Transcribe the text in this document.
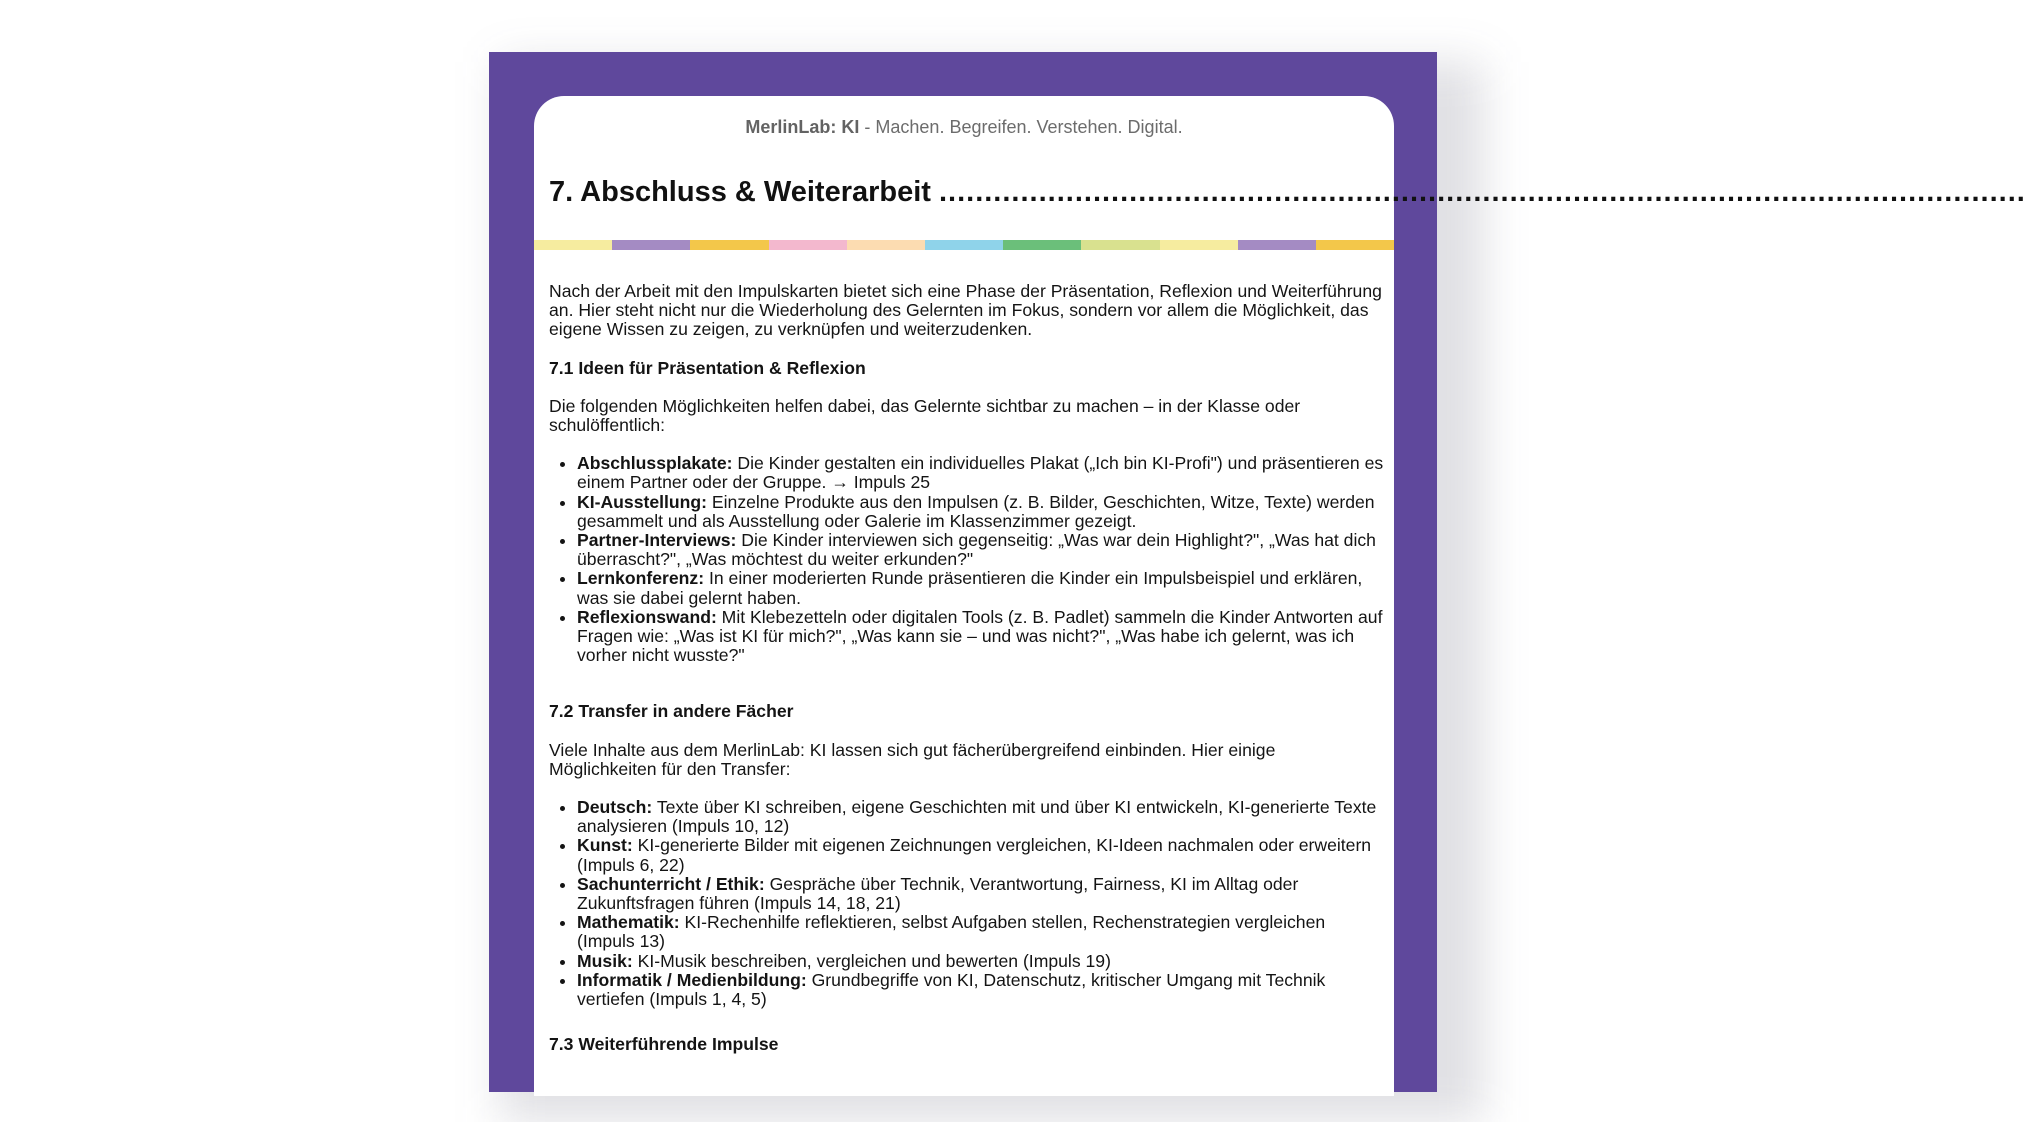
MerlinLab: KI - Machen. Begreifen. Verstehen. Digital.
7. Abschluss & Weiterarbeit ........................................................................................................................

Nach der Arbeit mit den Impulskarten bietet sich eine Phase der Präsentation, Reflexion und Weiterführung an. Hier steht nicht nur die Wiederholung des Gelernten im Fokus, sondern vor allem die Möglichkeit, das eigene Wissen zu zeigen, zu verknüpfen und weiterzudenken.

7.1 Ideen für Präsentation & Reflexion

Die folgenden Möglichkeiten helfen dabei, das Gelernte sichtbar zu machen – in der Klasse oder schulöffentlich:

• Abschlussplakate: Die Kinder gestalten ein individuelles Plakat („Ich bin KI-Profi") und präsentieren es einem Partner oder der Gruppe. → Impuls 25
• KI-Ausstellung: Einzelne Produkte aus den Impulsen (z. B. Bilder, Geschichten, Witze, Texte) werden gesammelt und als Ausstellung oder Galerie im Klassenzimmer gezeigt.
• Partner-Interviews: Die Kinder interviewen sich gegenseitig: „Was war dein Highlight?", „Was hat dich überrascht?", „Was möchtest du weiter erkunden?"
• Lernkonferenz: In einer moderierten Runde präsentieren die Kinder ein Impulsbeispiel und erklären, was sie dabei gelernt haben.
• Reflexionswand: Mit Klebezetteln oder digitalen Tools (z. B. Padlet) sammeln die Kinder Antworten auf Fragen wie: „Was ist KI für mich?", „Was kann sie – und was nicht?", „Was habe ich gelernt, was ich vorher nicht wusste?"
7.2 Transfer in andere Fächer

Viele Inhalte aus dem MerlinLab: KI lassen sich gut fächerübergreifend einbinden. Hier einige Möglichkeiten für den Transfer:

• Deutsch: Texte über KI schreiben, eigene Geschichten mit und über KI entwickeln, KI-generierte Texte analysieren (Impuls 10, 12)
• Kunst: KI-generierte Bilder mit eigenen Zeichnungen vergleichen, KI-Ideen nachmalen oder erweitern (Impuls 6, 22)
• Sachunterricht / Ethik: Gespräche über Technik, Verantwortung, Fairness, KI im Alltag oder Zukunftsfragen führen (Impuls 14, 18, 21)
• Mathematik: KI-Rechenhilfe reflektieren, selbst Aufgaben stellen, Rechenstrategien vergleichen (Impuls 13)
• Musik: KI-Musik beschreiben, vergleichen und bewerten (Impuls 19)
• Informatik / Medienbildung: Grundbegriffe von KI, Datenschutz, kritischer Umgang mit Technik vertiefen (Impuls 1, 4, 5)
7.3 Weiterführende Impulse
